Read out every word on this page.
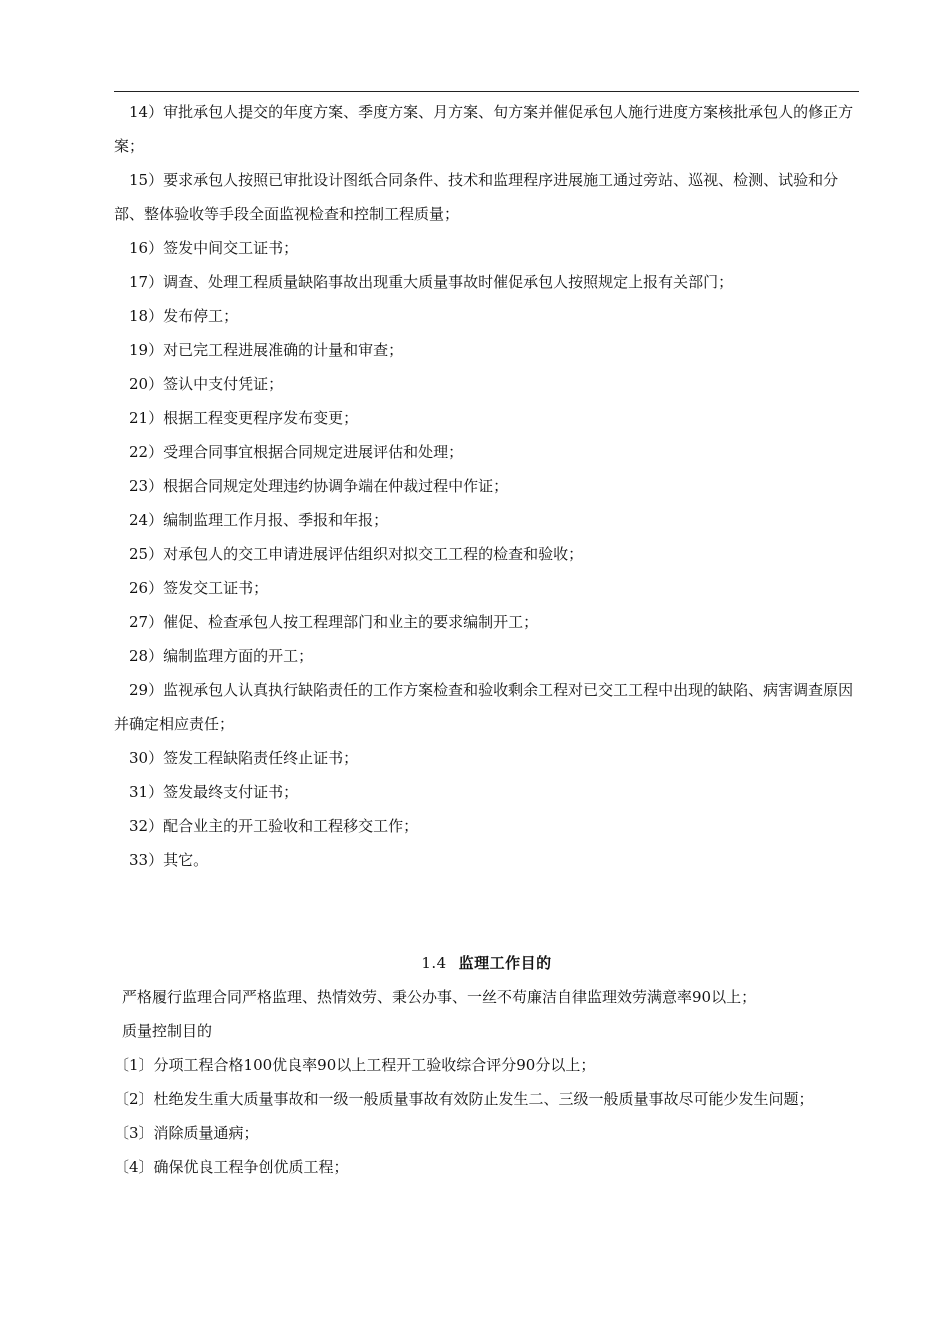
14）审批承包人提交的年度方案、季度方案、月方案、旬方案并催促承包人施行进度方案核批承包人的修正方案；

15）要求承包人按照已审批设计图纸合同条件、技术和监理程序进展施工通过旁站、巡视、检测、试验和分部、整体验收等手段全面监视检查和控制工程质量；

16）签发中间交工证书；

17）调查、处理工程质量缺陷事故出现重大质量事故时催促承包人按照规定上报有关部门；

18）发布停工；

19）对已完工程进展准确的计量和审查；

20）签认中支付凭证；

21）根据工程变更程序发布变更；

22）受理合同事宜根据合同规定进展评估和处理；

23）根据合同规定处理违约协调争端在仲裁过程中作证；

24）编制监理工作月报、季报和年报；

25）对承包人的交工申请进展评估组织对拟交工工程的检查和验收；

26）签发交工证书；

27）催促、检查承包人按工程理部门和业主的要求编制开工；

28）编制监理方面的开工；

29）监视承包人认真执行缺陷责任的工作方案检查和验收剩余工程对已交工工程中出现的缺陷、病害调查原因并确定相应责任；

30）签发工程缺陷责任终止证书；

31）签发最终支付证书；

32）配合业主的开工验收和工程移交工作；

33）其它。

1.4 监理工作目的

严格履行监理合同严格监理、热情效劳、秉公办事、一丝不苟廉洁自律监理效劳满意率90以上；

质量控制目的

〔1〕分项工程合格100优良率90以上工程开工验收综合评分90分以上；

〔2〕杜绝发生重大质量事故和一级一般质量事故有效防止发生二、三级一般质量事故尽可能少发生问题；

〔3〕消除质量通病；

〔4〕确保优良工程争创优质工程；
